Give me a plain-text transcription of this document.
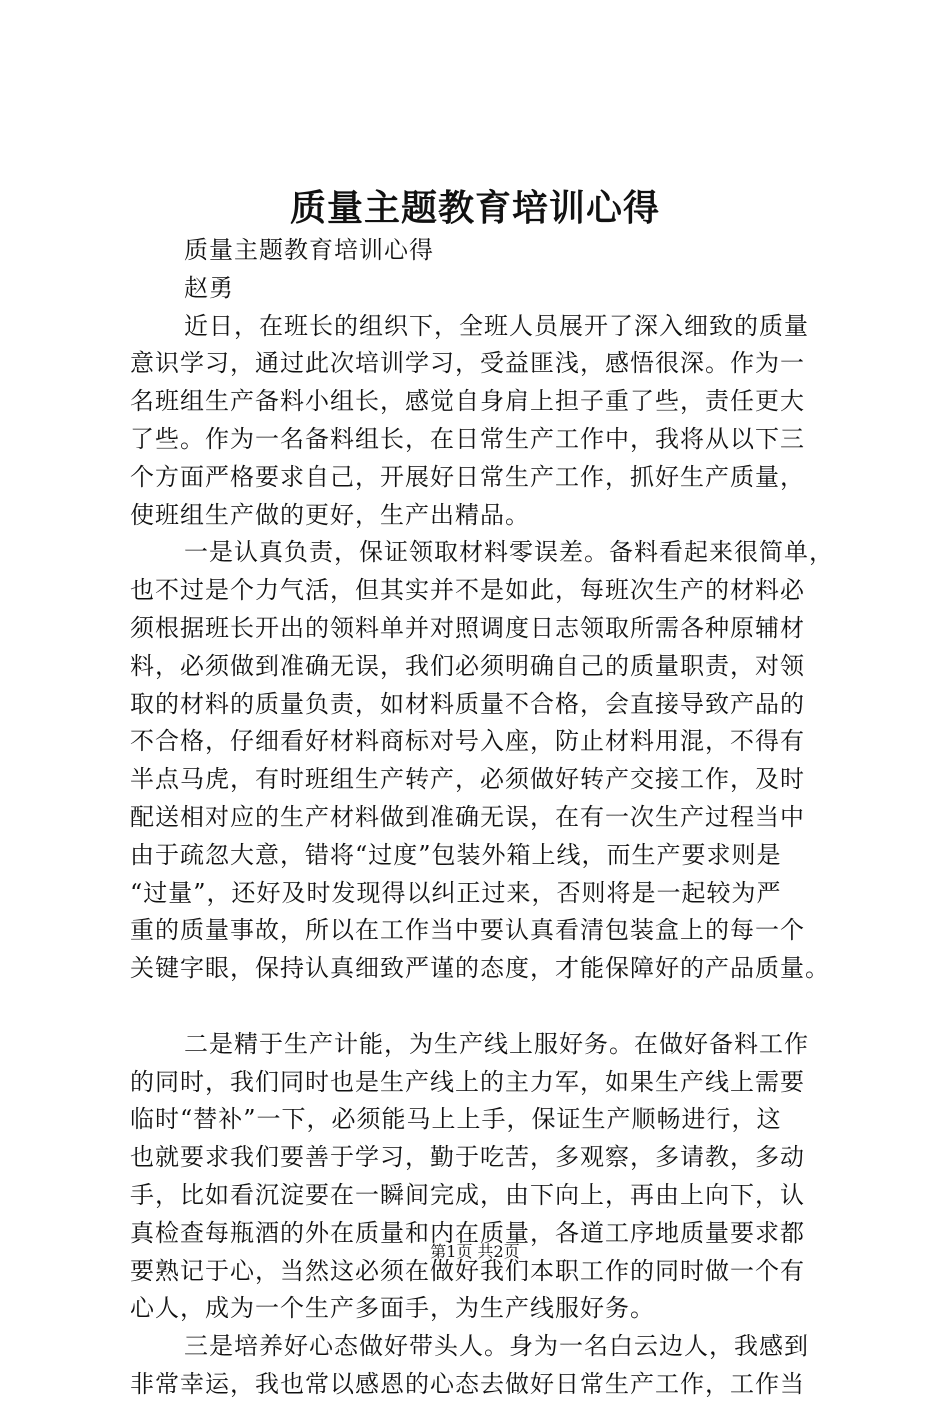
质量主题教育培训心得
质量主题教育培训心得
赵勇
近日，在班长的组织下，全班人员展开了深入细致的质量
意识学习，通过此次培训学习，受益匪浅，感悟很深。作为一
名班组生产备料小组长，感觉自身肩上担子重了些，责任更大
了些。作为一名备料组长，在日常生产工作中，我将从以下三
个方面严格要求自己，开展好日常生产工作，抓好生产质量，
使班组生产做的更好，生产出精品。
一是认真负责，保证领取材料零误差。备料看起来很简单，
也不过是个力气活，但其实并不是如此，每班次生产的材料必
须根据班长开出的领料单并对照调度日志领取所需各种原辅材
料，必须做到准确无误，我们必须明确自己的质量职责，对领
取的材料的质量负责，如材料质量不合格，会直接导致产品的
不合格，仔细看好材料商标对号入座，防止材料用混，不得有
半点马虎，有时班组生产转产，必须做好转产交接工作，及时
配送相对应的生产材料做到准确无误，在有一次生产过程当中
由于疏忽大意，错将“过度”包装外箱上线，而生产要求则是
“过量”，还好及时发现得以纠正过来，否则将是一起较为严
重的质量事故，所以在工作当中要认真看清包装盒上的每一个
关键字眼，保持认真细致严谨的态度，才能保障好的产品质量。
二是精于生产计能，为生产线上服好务。在做好备料工作
的同时，我们同时也是生产线上的主力军，如果生产线上需要
临时“替补”一下，必须能马上上手，保证生产顺畅进行，这
也就要求我们要善于学习，勤于吃苦，多观察，多请教，多动
手，比如看沉淀要在一瞬间完成，由下向上，再由上向下，认
真检查每瓶酒的外在质量和内在质量，各道工序地质量要求都
要熟记于心，当然这必须在做好我们本职工作的同时做一个有
心人，成为一个生产多面手，为生产线服好务。
三是培养好心态做好带头人。身为一名白云边人，我感到
非常幸运，我也常以感恩的心态去做好日常生产工作，工作当
第1页 共2页
